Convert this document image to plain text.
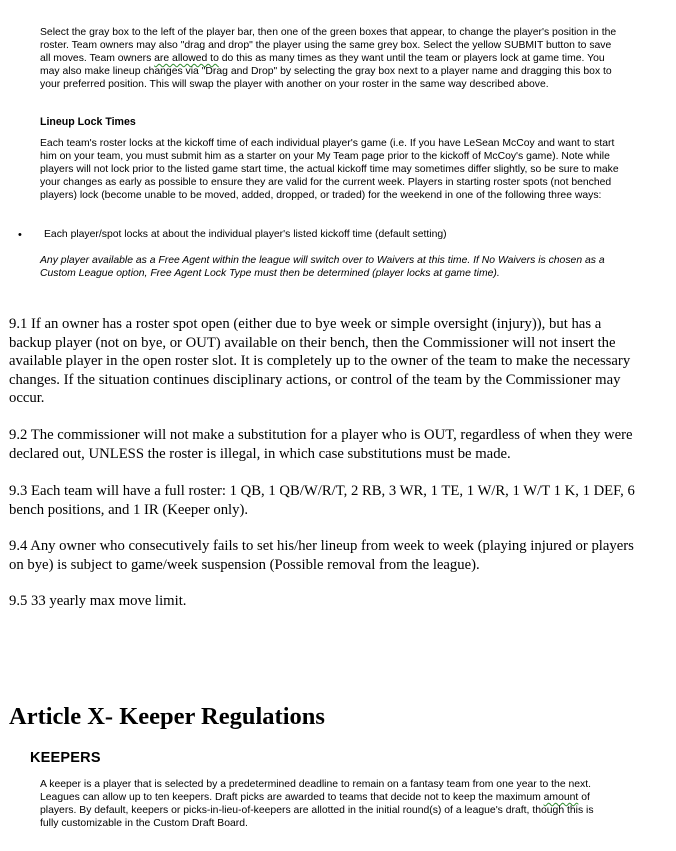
Select the gray box to the left of the player bar, then one of the green boxes that appear, to change the player's position in the roster. Team owners may also "drag and drop" the player using the same grey box. Select the yellow SUBMIT button to save all moves. Team owners are allowed to do this as many times as they want until the team or players lock at game time. You may also make lineup changes via "Drag and Drop" by selecting the gray box next to a player name and dragging this box to your preferred position. This will swap the player with another on your roster in the same way described above.

Lineup Lock Times

Each team's roster locks at the kickoff time of each individual player's game (i.e. If you have LeSean McCoy and want to start him on your team, you must submit him as a starter on your My Team page prior to the kickoff of McCoy's game). Note while players will not lock prior to the listed game start time, the actual kickoff time may sometimes differ slightly, so be sure to make your changes as early as possible to ensure they are valid for the current week. Players in starting roster spots (not benched players) lock (become unable to be moved, added, dropped, or traded) for the weekend in one of the following three ways:

• Each player/spot locks at about the individual player's listed kickoff time (default setting)

Any player available as a Free Agent within the league will switch over to Waivers at this time. If No Waivers is chosen as a Custom League option, Free Agent Lock Type must then be determined (player locks at game time).

9.1 If an owner has a roster spot open (either due to bye week or simple oversight (injury)), but has a backup player (not on bye, or OUT) available on their bench, then the Commissioner will not insert the available player in the open roster slot. It is completely up to the owner of the team to make the necessary changes. If the situation continues disciplinary actions, or control of the team by the Commissioner may occur.

9.2 The commissioner will not make a substitution for a player who is OUT, regardless of when they were declared out, UNLESS the roster is illegal, in which case substitutions must be made.

9.3 Each team will have a full roster: 1 QB, 1 QB/W/R/T, 2 RB, 3 WR, 1 TE, 1 W/R, 1 W/T 1 K, 1 DEF, 6 bench positions, and 1 IR (Keeper only).

9.4 Any owner who consecutively fails to set his/her lineup from week to week (playing injured or players on bye) is subject to game/week suspension (Possible removal from the league).

9.5 33 yearly max move limit.

Article X- Keeper Regulations
KEEPERS

A keeper is a player that is selected by a predetermined deadline to remain on a fantasy team from one year to the next. Leagues can allow up to ten keepers. Draft picks are awarded to teams that decide not to keep the maximum amount of players. By default, keepers or picks-in-lieu-of-keepers are allotted in the initial round(s) of a league's draft, though this is fully customizable in the Custom Draft Board.
